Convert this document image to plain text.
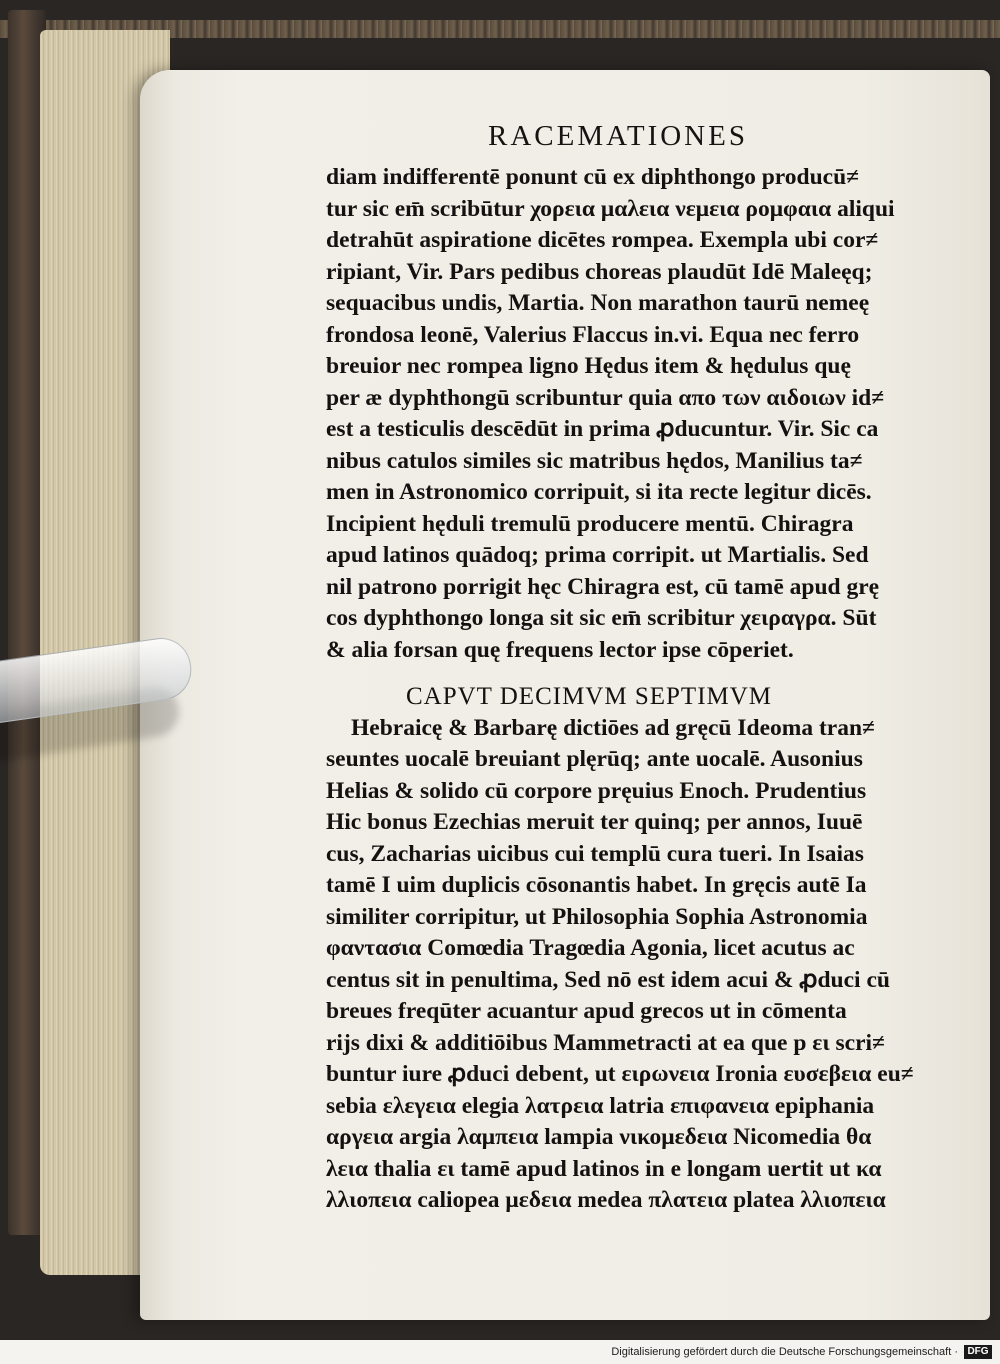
RACEMATIONES
diam indifferentē ponunt cū ex diphthongo producū≠
tur sic em̄ scribūtur χορεια μαλεια νεμεια ρομφαια aliqui
detrahūt aspiratione dicētes rompea. Exempla ubi cor≠
ripiant, Vir. Pars pedibus choreas plaudūt Idē Maleęq;
sequacibus undis, Martia. Non marathon taurū nemeę
frondosa leonē, Valerius Flaccus in.vi. Equa nec ferro
breuior nec rompea ligno Hędus item & hędulus quę
per æ dyphthongū scribuntur quia απο των αιδοιων id≠
est a testiculis descēdūt in prima ꝓducuntur. Vir. Sic ca
nibus catulos similes sic matribus hędos, Manilius ta≠
men in Astronomico corripuit, si ita recte legitur dicēs.
Incipient hęduli tremulū producere mentū. Chiragra
apud latinos quādoq; prima corripit. ut Martialis. Sed
nil patrono porrigit hęc Chiragra est, cū tamē apud grę
cos dyphthongo longa sit sic em̄ scribitur χειραγρα. Sūt
& alia forsan quę frequens lector ipse cōperiet.
CAPVT DECIMVM SEPTIMVM
Hebraicę & Barbarę dictiōes ad gręcū Ideoma tran≠
seuntes uocalē breuiant plęrūq; ante uocalē. Ausonius
Helias & solido cū corpore pręuius Enoch. Prudentius
Hic bonus Ezechias meruit ter quinq; per annos, Iuuē
cus, Zacharias uicibus cui templū cura tueri. In Isaias
tamē I uim duplicis cōsonantis habet. In gręcis autē Ia
similiter corripitur, ut Philosophia Sophia Astronomia
φαντασια Comœdia Tragœdia Agonia, licet acutus ac
centus sit in penultima, Sed nō est idem acui & ꝓduci cū
breues freqūter acuantur apud grecos ut in cōmenta
rijs dixi & additiōibus Mammetracti at ea que p ει scri≠
buntur iure ꝓduci debent, ut ειρωνεια Ironia ευσεβεια eu≠
sebia ελεγεια elegia λατρεια latria επιφανεια epiphania
αργεια argia λαμπεια lampia νικομεδεια Nicomedia θα
λεια thalia ει tamē apud latinos in e longam uertit ut κα
λλιοπεια caliopea μεδεια medea πλατεια platea λλιοπεια
Digitalisierung gefördert durch die Deutsche Forschungsgemeinschaft · DFG
